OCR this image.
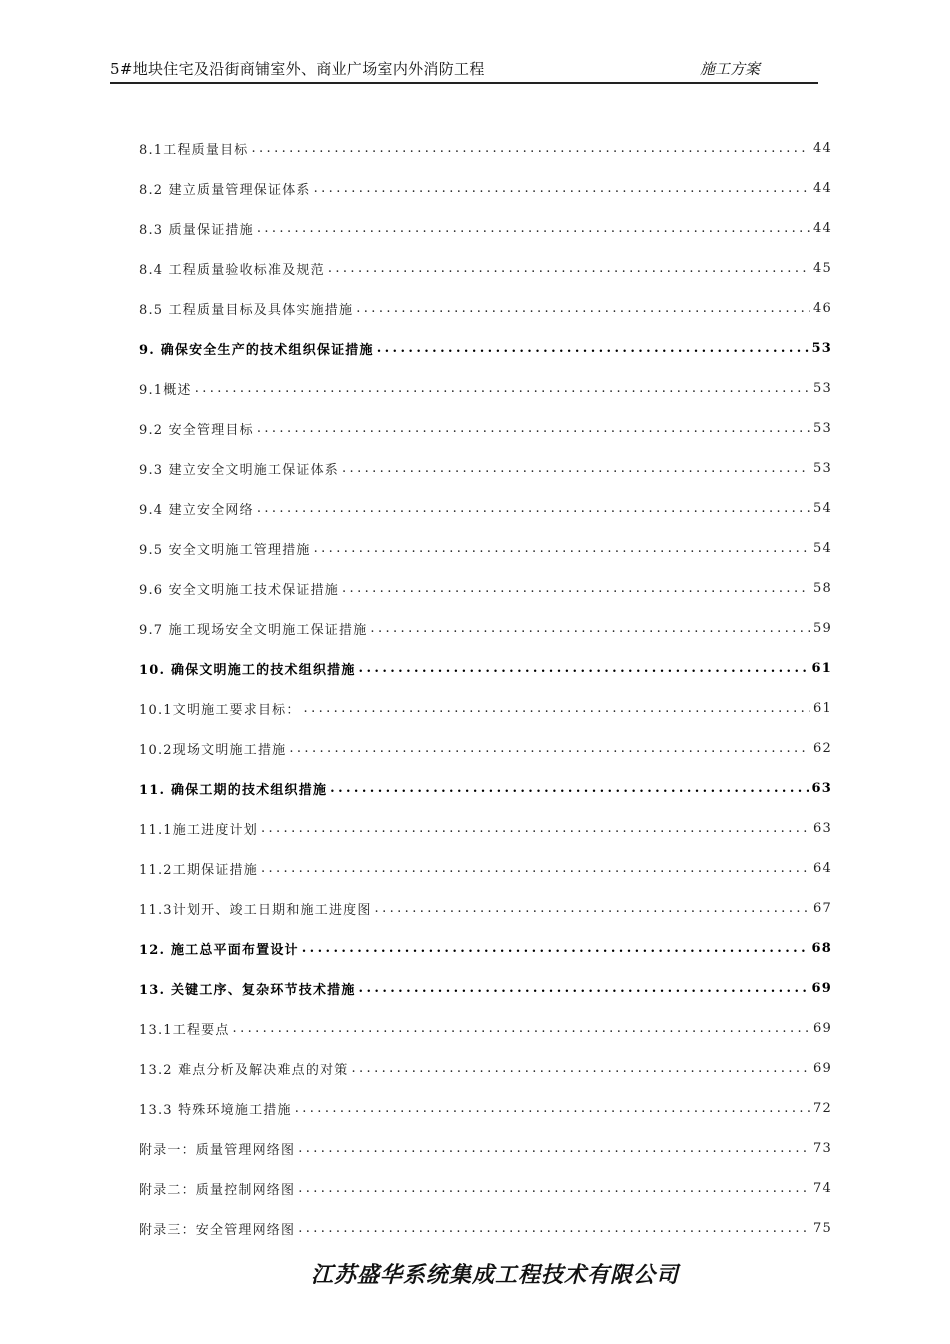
5#地块住宅及沿街商铺室外、商业广场室内外消防工程	施工方案
8.1工程质量目标 .....	44
8.2 建立质量管理保证体系 .....	44
8.3 质量保证措施 .....	44
8.4 工程质量验收标准及规范 .....	45
8.5 工程质量目标及具体实施措施 .....	46
9. 确保安全生产的技术组织保证措施 .....	53
9.1概述 .....	53
9.2 安全管理目标 .....	53
9.3 建立安全文明施工保证体系 .....	53
9.4 建立安全网络 .....	54
9.5 安全文明施工管理措施 .....	54
9.6 安全文明施工技术保证措施 .....	58
9.7 施工现场安全文明施工保证措施 .....	59
10. 确保文明施工的技术组织措施 .....	61
10.1文明施工要求目标： .....	61
10.2现场文明施工措施 .....	62
11. 确保工期的技术组织措施 .....	63
11.1施工进度计划 .....	63
11.2工期保证措施 .....	64
11.3计划开、竣工日期和施工进度图 .....	67
12. 施工总平面布置设计 .....	68
13. 关键工序、复杂环节技术措施 .....	69
13.1工程要点 .....	69
13.2 难点分析及解决难点的对策 .....	69
13.3 特殊环境施工措施 .....	72
附录一：质量管理网络图 .....	73
附录二：质量控制网络图 .....	74
附录三：安全管理网络图 .....	75
江苏盛华系统集成工程技术有限公司
